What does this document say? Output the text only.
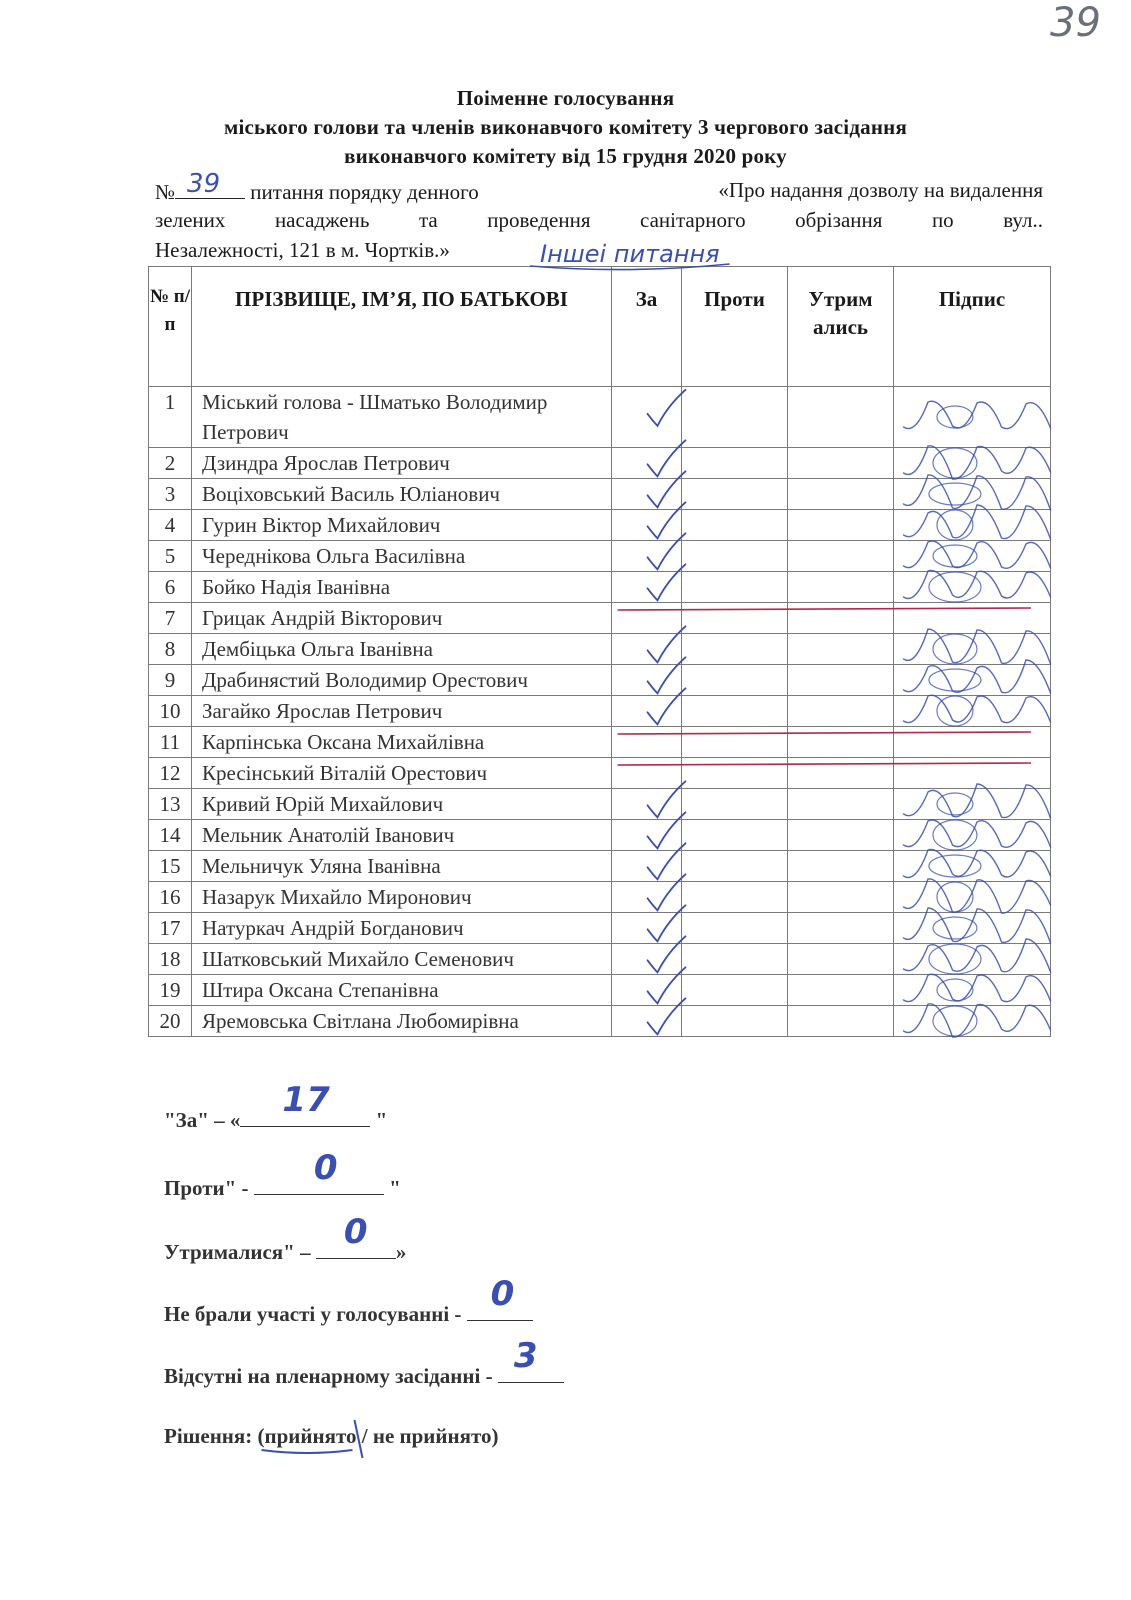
39
Поіменне голосування
міського голови та членів виконавчого комітету 3 чергового засідання
виконавчого комітету від 15 грудня 2020 року
№ 39 питання порядку денного	«Про надання дозволу на видалення
зелених насаджень та проведення санітарного обрізання по вул..
Незалежності, 121 в м. Чортків.»	Іншеі питання
№ п/ п	ПРІЗВИЩЕ, ІМ’Я, ПО БАТЬКОВІ	За	Проти	Утрим ались	Підпис
1	Міський голова - Шматько Володимир Петрович				
2	Дзиндра Ярослав Петрович				
3	Воціховський Василь Юліанович				
4	Гурин Віктор Михайлович				
5	Череднікова Ольга Василівна				
6	Бойко Надія Іванівна				
7	Грицак Андрій Вікторович				
8	Дембіцька Ольга Іванівна				
9	Драбинястий Володимир Орестович				
10	Загайко Ярослав Петрович				
11	Карпінська Оксана Михайлівна				
12	Кресінський Віталій Орестович				
13	Кривий Юрій Михайлович				
14	Мельник Анатолій Іванович				
15	Мельничук Уляна Іванівна				
16	Назарук Михайло Миронович				
17	Натуркач Андрій Богданович				
18	Шатковський Михайло Семенович				
19	Штира Оксана Степанівна				
20	Яремовська Світлана Любомирівна				
"За" – « 17 "
Проти" - 0 "
Утрималися" – 0 »
Не брали участі у голосуванні - 0
Відсутні на пленарному засіданні - 3
Рішення: (прийнято / не прийнято)
